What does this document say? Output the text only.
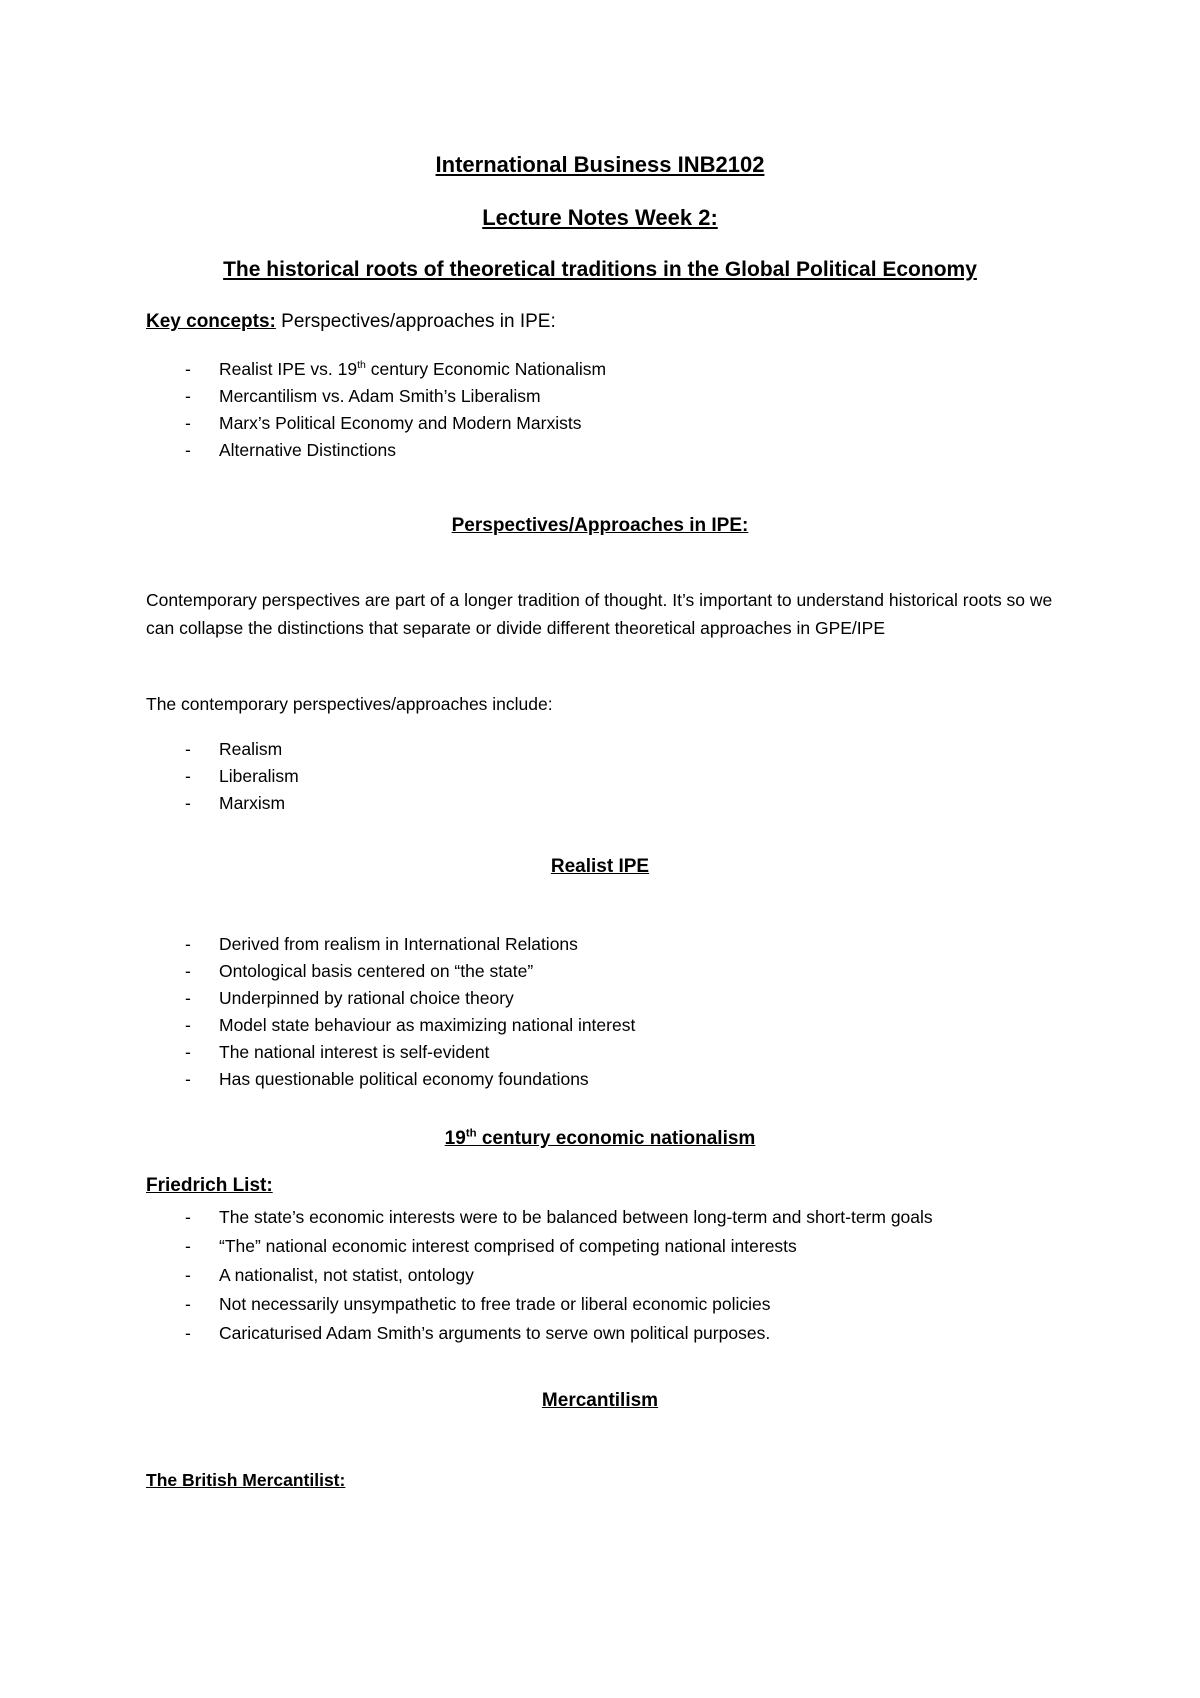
International Business INB2102
Lecture Notes Week 2:
The historical roots of theoretical traditions in the Global Political Economy
Key concepts: Perspectives/approaches in IPE:
- Realist IPE vs. 19th century Economic Nationalism
- Mercantilism vs. Adam Smith’s Liberalism
- Marx’s Political Economy and Modern Marxists
- Alternative Distinctions
Perspectives/Approaches in IPE:
Contemporary perspectives are part of a longer tradition of thought. It’s important to understand historical roots so we can collapse the distinctions that separate or divide different theoretical approaches in GPE/IPE
The contemporary perspectives/approaches include:
- Realism
- Liberalism
- Marxism
Realist IPE
- Derived from realism in International Relations
- Ontological basis centered on “the state”
- Underpinned by rational choice theory
- Model state behaviour as maximizing national interest
- The national interest is self-evident
- Has questionable political economy foundations
19th century economic nationalism
Friedrich List:
- The state’s economic interests were to be balanced between long-term and short-term goals
- “The” national economic interest comprised of competing national interests
- A nationalist, not statist, ontology
- Not necessarily unsympathetic to free trade or liberal economic policies
- Caricaturised Adam Smith’s arguments to serve own political purposes.
Mercantilism
The British Mercantilist:
